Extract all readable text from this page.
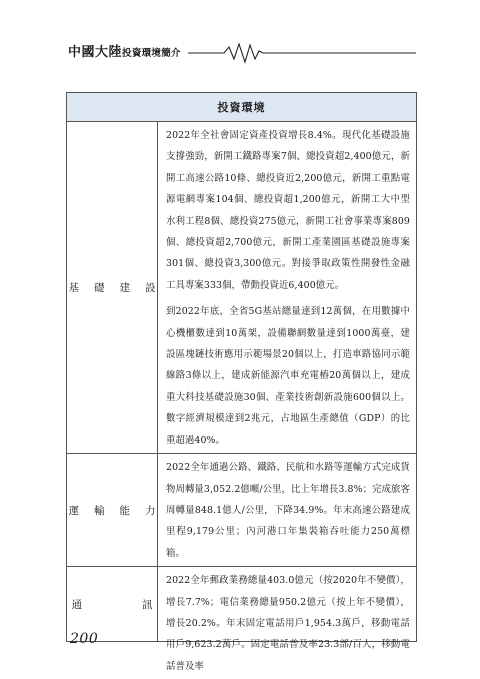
中國大陸投資環境簡介
投資環境
基礎建設
2022年全社會固定資產投資增長8.4%。現代化基礎設施支撐強勁，新開工鐵路專案7個、總投資超2,400億元，新開工高速公路10條、總投資近2,200億元，新開工重點電源電網專案104個、總投資超1,200億元，新開工大中型水利工程8個、總投資275億元，新開工社會事業專案809個、總投資超2,700億元，新開工產業園區基礎設施專案301個、總投資3,300億元。對接爭取政策性開發性金融工具專案333個，帶動投資近6,400億元。
到2022年底，全省5G基站總量達到12萬個，在用數據中心機櫃數達到10萬架，設備聯網數量達到1000萬臺，建設區塊鏈技術應用示範場景20個以上，打造車路協同示範線路3條以上，建成新能源汽車充電樁20萬個以上，建成重大科技基礎設施30個、產業技術創新設施600個以上。數字經濟規模達到2兆元，占地區生產總值（GDP）的比重超過40%。
運輸能力
2022全年通過公路、鐵路、民航和水路等運輸方式完成貨物周轉量3,052.2億噸/公里，比上年增長3.8%；完成旅客周轉量848.1億人/公里，下降34.9%。年末高速公路建成里程9,179公里；內河港口年集裝箱吞吐能力250萬標箱。
通訊
2022全年郵政業務總量403.0億元（按2020年不變價），增長7.7%；電信業務總量950.2億元（按上年不變價），增長20.2%。年末固定電話用戶1,954.3萬戶，移動電話用戶9,623.2萬戶。固定電話普及率23.3部/百人，移動電話普及率
200
